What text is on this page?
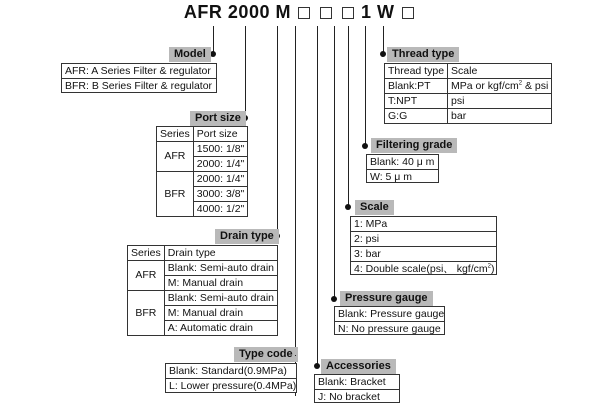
AFR 2000 M	1 W
Model
AFR: A Series Filter & regulator
BFR: B Series Filter & regulator
Port size
Series	Port size
AFR	1500: 1/8"
	2000: 1/4"
BFR	2000: 1/4"
	3000: 3/8"
	4000: 1/2"
Drain type
Series	Drain type
AFR	Blank: Semi-auto drain
	M: Manual drain
BFR	Blank: Semi-auto drain
	M: Manual drain
	A: Automatic drain
Type code
Blank: Standard(0.9MPa)
L: Lower pressure(0.4MPa)
Accessories
Blank: Bracket
J: No bracket
Pressure gauge
Blank: Pressure gauge
N: No pressure gauge
Scale
1: MPa
2: psi
3: bar
4: Double scale(psi、 kgf/$cm^2$)
Filtering grade
Blank: 40 μ m
W: 5 μ m
Thread type
Thread type	Scale
Blank:PT	MPa or kgf/$cm^2$ & psi
T:NPT	psi
G:G	bar
